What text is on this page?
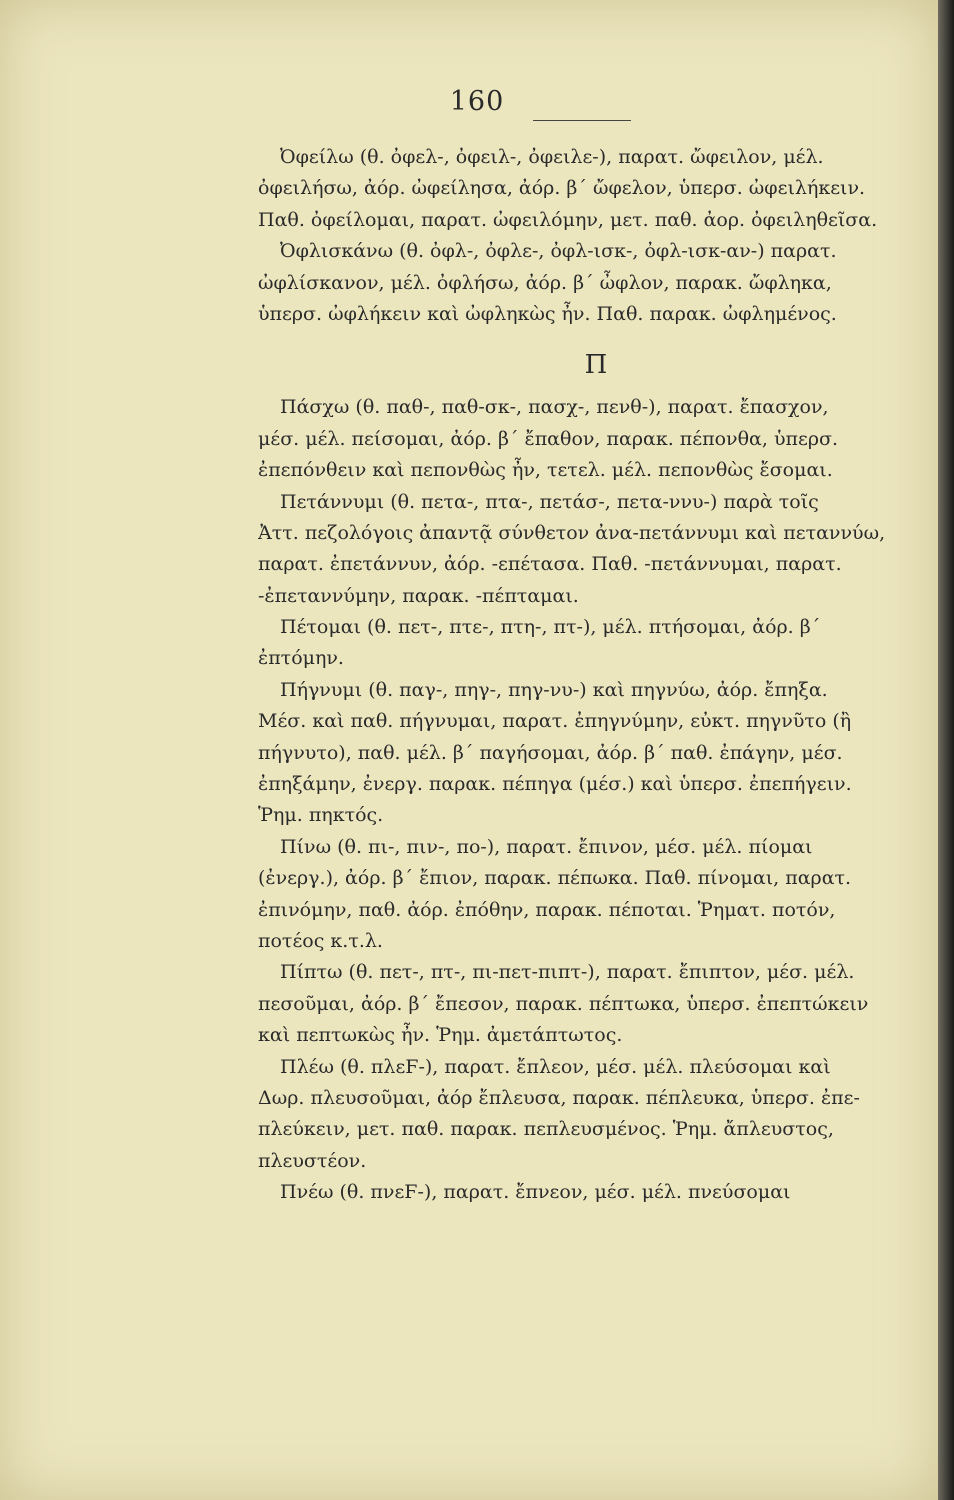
160
Ὀφείλω (θ. ὀφελ-, ὀφειλ-, ὀφειλε-), παρατ. ὤφειλον, μέλ.
ὀφειλήσω, ἀόρ. ὠφείλησα, ἀόρ. β΄ ὤφελον, ὑπερσ. ὠφειλήκειν.
Παθ. ὀφείλομαι, παρατ. ὠφειλόμην, μετ. παθ. ἀορ. ὀφειληθεῖσα.
Ὀφλισκάνω (θ. ὀφλ-, ὀφλε-, ὀφλ-ισκ-, ὀφλ-ισκ-αν-) παρατ.
ὠφλίσκανον, μέλ. ὀφλήσω, ἀόρ. β΄ ὦφλον, παρακ. ὤφληκα,
ὑπερσ. ὠφλήκειν καὶ ὠφληκὼς ἦν. Παθ. παρακ. ὠφλημένος.
Π
Πάσχω (θ. παθ-, παθ-σκ-, πασχ-, πενθ-), παρατ. ἔπασχον,
μέσ. μέλ. πείσομαι, ἀόρ. β΄ ἔπαθον, παρακ. πέπονθα, ὑπερσ.
ἐπεπόνθειν καὶ πεπονθὼς ἦν, τετελ. μέλ. πεπονθὼς ἔσομαι.
Πετάννυμι (θ. πετα-, πτα-, πετάσ-, πετα-ννυ-) παρὰ τοῖς
Ἀττ. πεζολόγοις ἀπαντᾷ σύνθετον ἀνα-πετάννυμι καὶ πεταννύω,
παρατ. ἐπετάννυν, ἀόρ. -επέτασα. Παθ. -πετάννυμαι, παρατ.
-ἐπεταννύμην, παρακ. -πέπταμαι.
Πέτομαι (θ. πετ-, πτε-, πτη-, πτ-), μέλ. πτήσομαι, ἀόρ. β΄
ἐπτόμην.
Πήγνυμι (θ. παγ-, πηγ-, πηγ-νυ-) καὶ πηγνύω, ἀόρ. ἔπηξα.
Μέσ. καὶ παθ. πήγνυμαι, παρατ. ἐπηγνύμην, εὐκτ. πηγνῦτο (ἢ
πήγνυτο), παθ. μέλ. β΄ παγήσομαι, ἀόρ. β΄ παθ. ἐπάγην, μέσ.
ἐπηξάμην, ἐνεργ. παρακ. πέπηγα (μέσ.) καὶ ὑπερσ. ἐπεπήγειν.
Ῥημ. πηκτός.
Πίνω (θ. πι-, πιν-, πο-), παρατ. ἔπινον, μέσ. μέλ. πίομαι
(ἐνεργ.), ἀόρ. β΄ ἔπιον, παρακ. πέπωκα. Παθ. πίνομαι, παρατ.
ἐπινόμην, παθ. ἀόρ. ἐπόθην, παρακ. πέποται. Ῥηματ. ποτόν,
ποτέος κ.τ.λ.
Πίπτω (θ. πετ-, πτ-, πι-πετ-πιπτ-), παρατ. ἔπιπτον, μέσ. μέλ.
πεσοῦμαι, ἀόρ. β΄ ἔπεσον, παρακ. πέπτωκα, ὑπερσ. ἐπεπτώκειν
καὶ πεπτωκὼς ἦν. Ῥημ. ἀμετάπτωτος.
Πλέω (θ. πλεϜ-), παρατ. ἔπλεον, μέσ. μέλ. πλεύσομαι καὶ
Δωρ. πλευσοῦμαι, ἀόρ ἔπλευσα, παρακ. πέπλευκα, ὑπερσ. ἐπε-
πλεύκειν, μετ. παθ. παρακ. πεπλευσμένος. Ῥημ. ἄπλευστος,
πλευστέον.
Πνέω (θ. πνεϜ-), παρατ. ἔπνεον, μέσ. μέλ. πνεύσομαι
